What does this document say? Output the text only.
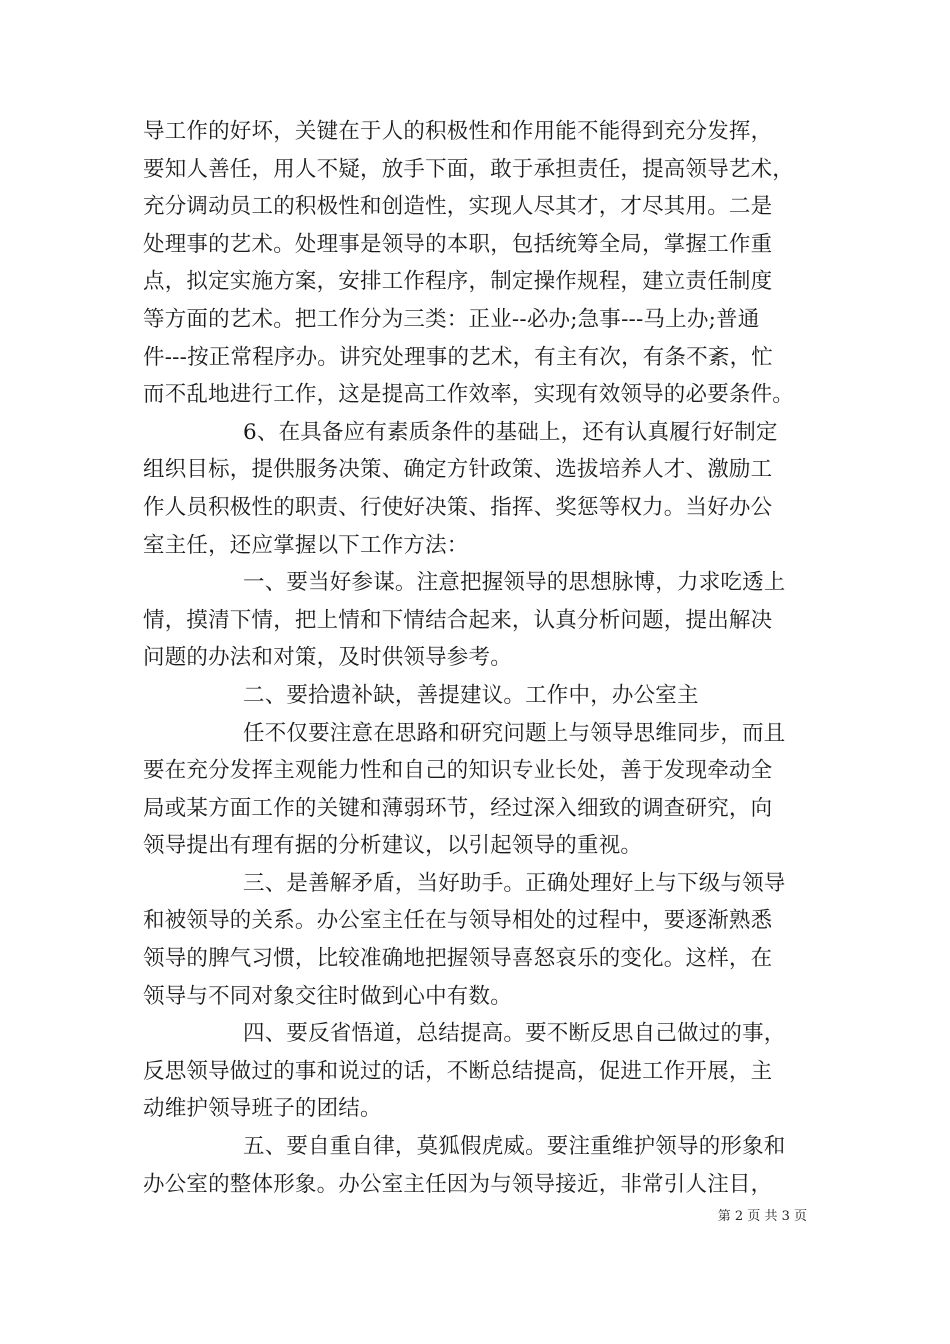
导工作的好坏，关键在于人的积极性和作用能不能得到充分发挥，
要知人善任，用人不疑，放手下面，敢于承担责任，提高领导艺术，
充分调动员工的积极性和创造性，实现人尽其才，才尽其用。二是
处理事的艺术。处理事是领导的本职，包括统筹全局，掌握工作重
点，拟定实施方案，安排工作程序，制定操作规程，建立责任制度
等方面的艺术。把工作分为三类：正业--必办;急事---马上办;普通
件---按正常程序办。讲究处理事的艺术，有主有次，有条不紊，忙
而不乱地进行工作，这是提高工作效率，实现有效领导的必要条件。
6、在具备应有素质条件的基础上，还有认真履行好制定
组织目标，提供服务决策、确定方针政策、选拔培养人才、激励工
作人员积极性的职责、行使好决策、指挥、奖惩等权力。当好办公
室主任，还应掌握以下工作方法：
一、要当好参谋。注意把握领导的思想脉博，力求吃透上
情，摸清下情，把上情和下情结合起来，认真分析问题，提出解决
问题的办法和对策，及时供领导参考。
二、要拾遗补缺，善提建议。工作中，办公室主
任不仅要注意在思路和研究问题上与领导思维同步，而且
要在充分发挥主观能力性和自己的知识专业长处，善于发现牵动全
局或某方面工作的关键和薄弱环节，经过深入细致的调查研究，向
领导提出有理有据的分析建议，以引起领导的重视。
三、是善解矛盾，当好助手。正确处理好上与下级与领导
和被领导的关系。办公室主任在与领导相处的过程中，要逐渐熟悉
领导的脾气习惯，比较准确地把握领导喜怒哀乐的变化。这样，在
领导与不同对象交往时做到心中有数。
四、要反省悟道，总结提高。要不断反思自己做过的事，
反思领导做过的事和说过的话，不断总结提高，促进工作开展，主
动维护领导班子的团结。
五、要自重自律，莫狐假虎威。要注重维护领导的形象和
办公室的整体形象。办公室主任因为与领导接近，非常引人注目，
第 2 页 共 3 页
